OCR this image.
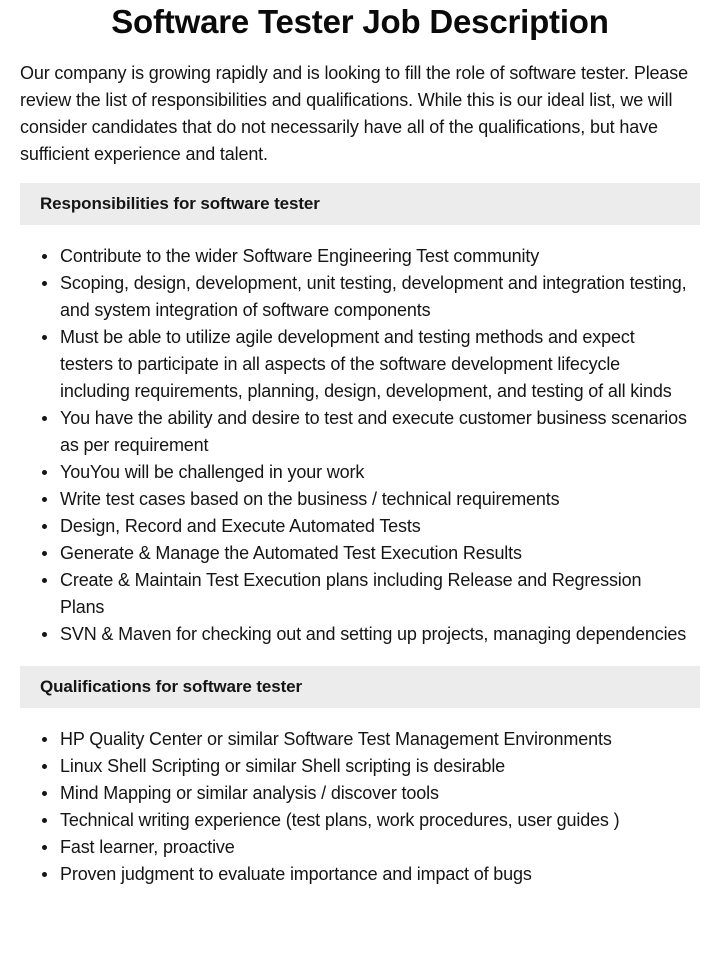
Software Tester Job Description

Our company is growing rapidly and is looking to fill the role of software tester. Please review the list of responsibilities and qualifications. While this is our ideal list, we will consider candidates that do not necessarily have all of the qualifications, but have sufficient experience and talent.

Responsibilities for software tester
Contribute to the wider Software Engineering Test community
Scoping, design, development, unit testing, development and integration testing, and system integration of software components
Must be able to utilize agile development and testing methods and expect testers to participate in all aspects of the software development lifecycle including requirements, planning, design, development, and testing of all kinds
You have the ability and desire to test and execute customer business scenarios as per requirement
YouYou will be challenged in your work
Write test cases based on the business / technical requirements
Design, Record and Execute Automated Tests
Generate & Manage the Automated Test Execution Results
Create & Maintain Test Execution plans including Release and Regression Plans
SVN & Maven for checking out and setting up projects, managing dependencies
Qualifications for software tester
HP Quality Center or similar Software Test Management Environments
Linux Shell Scripting or similar Shell scripting is desirable
Mind Mapping or similar analysis / discover tools
Technical writing experience (test plans, work procedures, user guides )
Fast learner, proactive
Proven judgment to evaluate importance and impact of bugs
